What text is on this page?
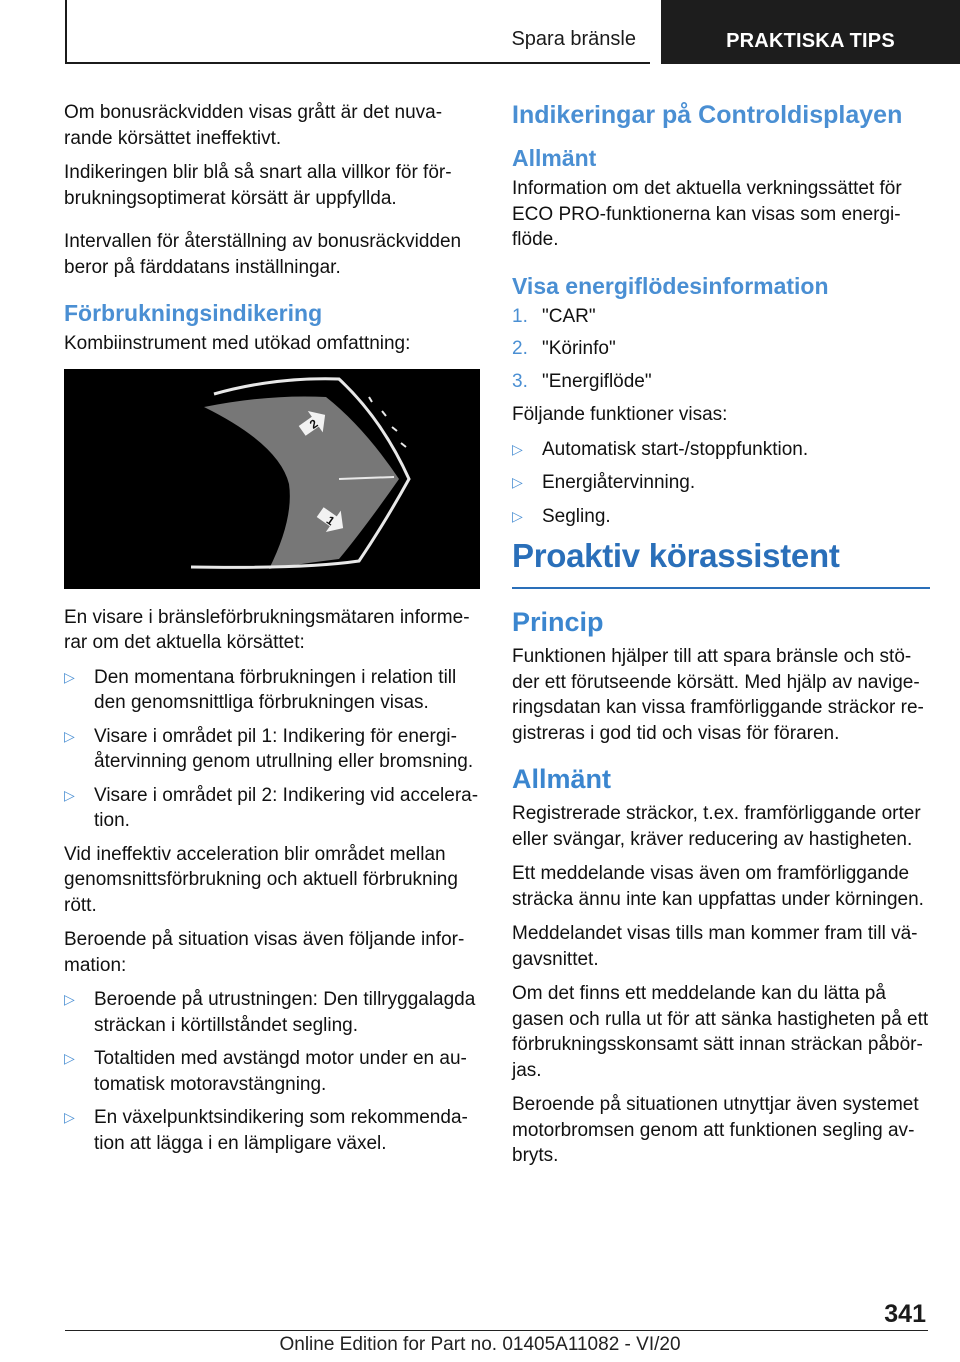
Spara bränsle	PRAKTISKA TIPS

Om bonusräckvidden visas grått är det nuvarande körsättet ineffektivt.

Indikeringen blir blå så snart alla villkor för förbrukningsoptimerat körsätt är uppfyllda.

Intervallen för återställning av bonusräckvidden beror på färddatans inställningar.

Förbrukningsindikering

Kombiinstrument med utökad omfattning:

2
1

En visare i bränsleförbrukningsmätaren informerar om det aktuella körsättet:

▷ Den momentana förbrukningen i relation till den genomsnittliga förbrukningen visas.
▷ Visare i området pil 1: Indikering för energiåtervinning genom utrullning eller bromsning.
▷ Visare i området pil 2: Indikering vid acceleration.

Vid ineffektiv acceleration blir området mellan genomsnittsförbrukning och aktuell förbrukning rött.

Beroende på situation visas även följande information:

▷ Beroende på utrustningen: Den tillryggalagda sträckan i körtillståndet segling.
▷ Totaltiden med avstängd motor under en automatisk motoravstängning.
▷ En växelpunktsindikering som rekommendation att lägga i en lämpligare växel.
Indikeringar på Controldisplayen
Allmänt

Information om det aktuella verkningssättet för ECO PRO-funktionerna kan visas som energiflöde.

Visa energiflödesinformation
1. "CAR"
2. "Körinfo"
3. "Energiflöde"

Följande funktioner visas:

▷ Automatisk start-/stoppfunktion.
▷ Energiåtervinning.
▷ Segling.
Proaktiv körassistent
Princip

Funktionen hjälper till att spara bränsle och stöder ett förutseende körsätt. Med hjälp av navigeringsdatan kan vissa framförliggande sträckor registreras i god tid och visas för föraren.

Allmänt

Registrerade sträckor, t.ex. framförliggande orter eller svängar, kräver reducering av hastigheten.

Ett meddelande visas även om framförliggande sträcka ännu inte kan uppfattas under körningen.

Meddelandet visas tills man kommer fram till vägavsnittet.

Om det finns ett meddelande kan du lätta på gasen och rulla ut för att sänka hastigheten på ett förbrukningsskonsamt sätt innan sträckan påbörjas.

Beroende på situationen utnyttjar även systemet motorbromsen genom att funktionen segling avbryts.

341
Online Edition for Part no. 01405A11082 - VI/20
